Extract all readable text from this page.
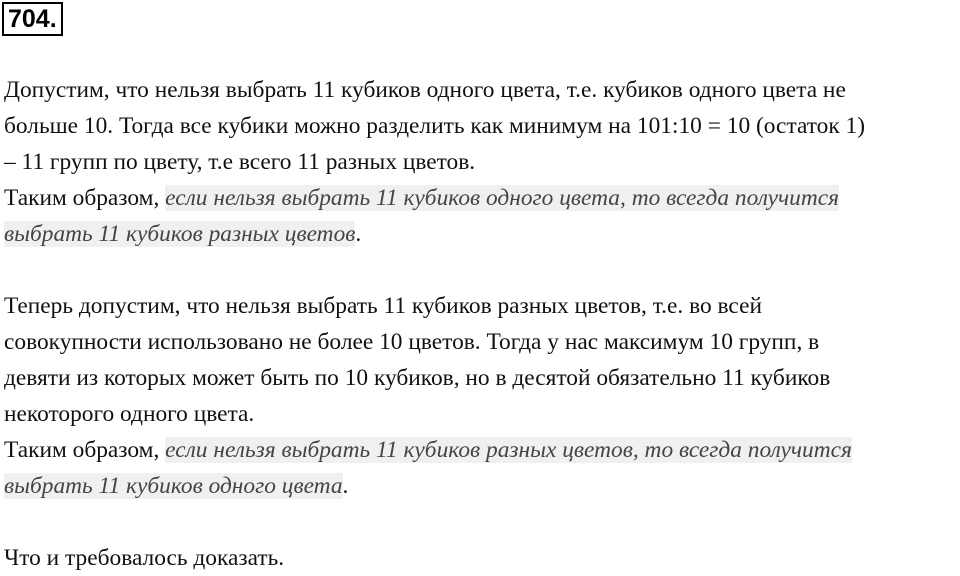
704.
Допустим, что нельзя выбрать 11 кубиков одного цвета, т.е. кубиков одного цвета не
больше 10. Тогда все кубики можно разделить как минимум на 101:10 = 10 (остаток 1)
– 11 групп по цвету, т.е всего 11 разных цветов.
Таким образом, если нельзя выбрать 11 кубиков одного цвета, то всегда получится
выбрать 11 кубиков разных цветов.
Теперь допустим, что нельзя выбрать 11 кубиков разных цветов, т.е. во всей
совокупности использовано не более 10 цветов. Тогда у нас максимум 10 групп, в
девяти из которых может быть по 10 кубиков, но в десятой обязательно 11 кубиков
некоторого одного цвета.
Таким образом, если нельзя выбрать 11 кубиков разных цветов, то всегда получится
выбрать 11 кубиков одного цвета.
Что и требовалось доказать.
